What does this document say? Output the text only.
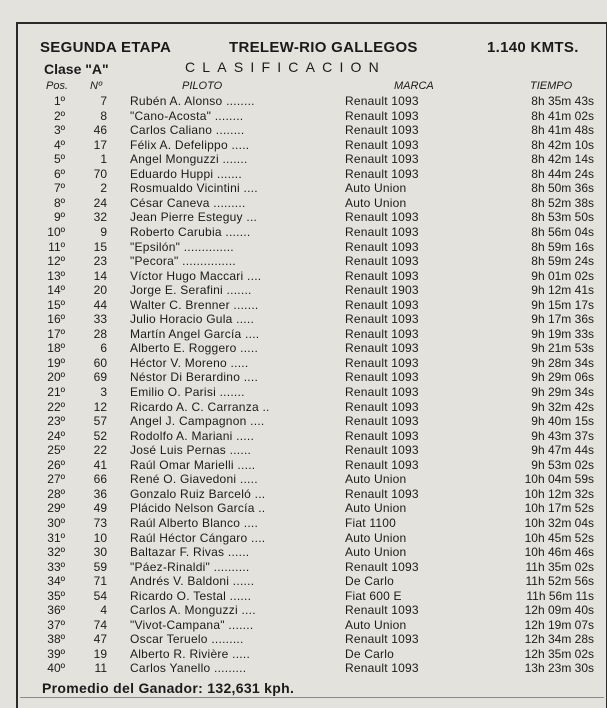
SEGUNDA ETAPA	TRELEW-RIO GALLEGOS	1.140 KMTS.
Clase "A"	CLASIFICACION
Pos. Nº	PILOTO	MARCA	TIEMPO
1º	7 Rubén A. Alonso ........	Renault 1093	8h 35m 43s
2º	8 "Cano-Acosta" ........	Renault 1093	8h 41m 02s
3º	46 Carlos Caliano ........	Renault 1093	8h 41m 48s
4º	17 Félix A. Defelippo .....	Renault 1093	8h 42m 10s
5º	1 Angel Monguzzi .......	Renault 1093	8h 42m 14s
6º	70 Eduardo Huppi .......	Renault 1093	8h 44m 24s
7º	2 Rosmualdo Vicintini ....	Auto Union	8h 50m 36s
8º	24 César Caneva .........	Auto Union	8h 52m 38s
9º	32 Jean Pierre Esteguy ...	Renault 1093	8h 53m 50s
10º	9 Roberto Carubia .......	Renault 1093	8h 56m 04s
11º	15 "Epsilón" ..............	Renault 1093	8h 59m 16s
12º	23 "Pecora" ...............	Renault 1093	8h 59m 24s
13º	14 Víctor Hugo Maccari ....	Renault 1093	9h 01m 02s
14º	20 Jorge E. Serafini .......	Renault 1903	9h 12m 41s
15º	44 Walter C. Brenner .......	Renault 1093	9h 15m 17s
16º	33 Julio Horacio Gula .....	Renault 1093	9h 17m 36s
17º	28 Martín Angel García ....	Renault 1093	9h 19m 33s
18º	6 Alberto E. Roggero .....	Renault 1093	9h 21m 53s
19º	60 Héctor V. Moreno .....	Renault 1093	9h 28m 34s
20º	69 Néstor Di Berardino ....	Renault 1093	9h 29m 06s
21º	3 Emilio O. Parisi .......	Renault 1093	9h 29m 34s
22º	12 Ricardo A. C. Carranza ..	Renault 1093	9h 32m 42s
23º	57 Angel J. Campagnon ....	Renault 1093	9h 40m 15s
24º	52 Rodolfo A. Mariani .....	Renault 1093	9h 43m 37s
25º	22 José Luis Pernas ......	Renault 1093	9h 47m 44s
26º	41 Raúl Omar Marielli .....	Renault 1093	9h 53m 02s
27º	66 René O. Giavedoni .....	Auto Union	10h 04m 59s
28º	36 Gonzalo Ruiz Barceló ...	Renault 1093	10h 12m 32s
29º	49 Plácido Nelson García ..	Auto Union	10h 17m 52s
30º	73 Raúl Alberto Blanco ....	Fiat 1100	10h 32m 04s
31º	10 Raúl Héctor Cángaro ....	Auto Union	10h 45m 52s
32º	30 Baltazar F. Rivas ......	Auto Union	10h 46m 46s
33º	59 "Páez-Rinaldi" ..........	Renault 1093	11h 35m 02s
34º	71 Andrés V. Baldoni ......	De Carlo	11h 52m 56s
35º	54 Ricardo O. Testal ......	Fiat 600 E	11h 56m 11s
36º	4 Carlos A. Monguzzi ....	Renault 1093	12h 09m 40s
37º	74 "Vivot-Campana" .......	Auto Union	12h 19m 07s
38º	47 Oscar Teruelo .........	Renault 1093	12h 34m 28s
39º	19 Alberto R. Rivière .....	De Carlo	12h 35m 02s
40º	11 Carlos Yanello .........	Renault 1093	13h 23m 30s
Promedio del Ganador: 132,631 kph.
